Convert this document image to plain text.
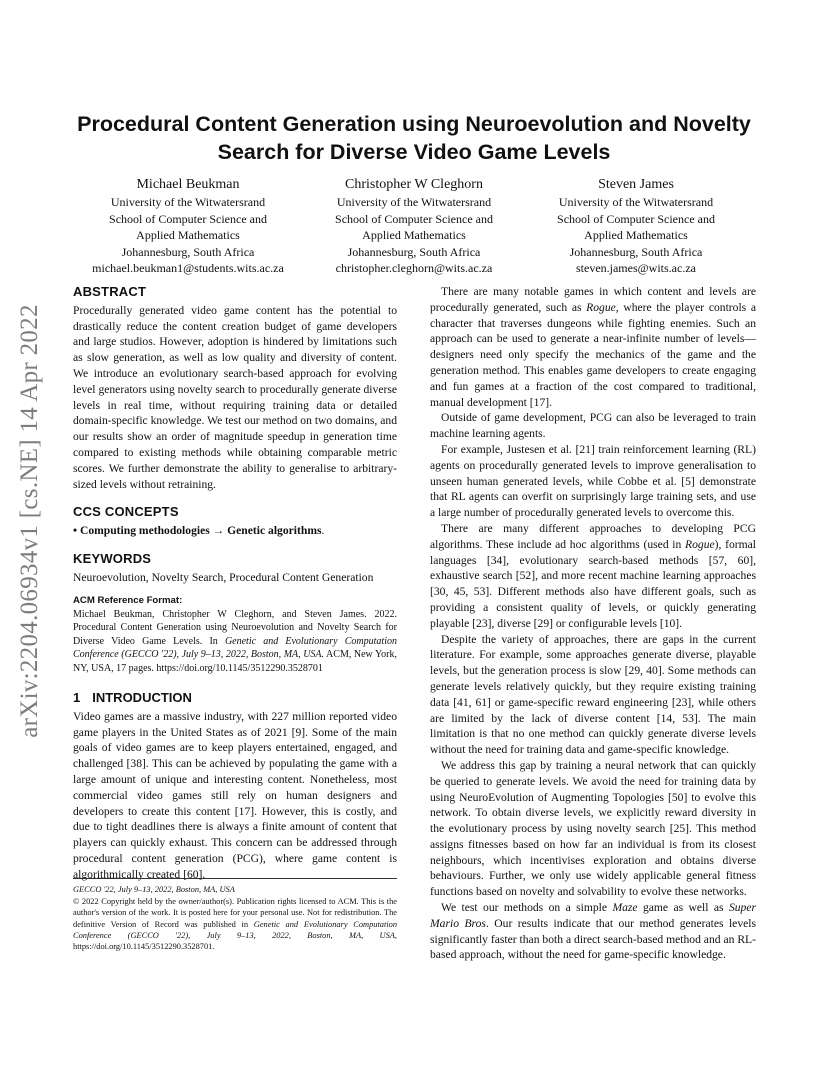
arXiv:2204.06934v1 [cs.NE] 14 Apr 2022
Procedural Content Generation using Neuroevolution and Novelty Search for Diverse Video Game Levels
Michael Beukman
University of the Witwatersrand
School of Computer Science and
Applied Mathematics
Johannesburg, South Africa
michael.beukman1@students.wits.ac.za
Christopher W Cleghorn
University of the Witwatersrand
School of Computer Science and
Applied Mathematics
Johannesburg, South Africa
christopher.cleghorn@wits.ac.za
Steven James
University of the Witwatersrand
School of Computer Science and
Applied Mathematics
Johannesburg, South Africa
steven.james@wits.ac.za
ABSTRACT

Procedurally generated video game content has the potential to drastically reduce the content creation budget of game developers and large studios. However, adoption is hindered by limitations such as slow generation, as well as low quality and diversity of content. We introduce an evolutionary search-based approach for evolving level generators using novelty search to procedurally generate diverse levels in real time, without requiring training data or detailed domain-specific knowledge. We test our method on two domains, and our results show an order of magnitude speedup in generation time compared to existing methods while obtaining comparable metric scores. We further demonstrate the ability to generalise to arbitrary-sized levels without retraining.

CCS CONCEPTS

• Computing methodologies → Genetic algorithms.

KEYWORDS

Neuroevolution, Novelty Search, Procedural Content Generation

ACM Reference Format:

Michael Beukman, Christopher W Cleghorn, and Steven James. 2022. Procedural Content Generation using Neuroevolution and Novelty Search for Diverse Video Game Levels. In Genetic and Evolutionary Computation Conference (GECCO '22), July 9–13, 2022, Boston, MA, USA. ACM, New York, NY, USA, 17 pages. https://doi.org/10.1145/3512290.3528701

1 INTRODUCTION

Video games are a massive industry, with 227 million reported video game players in the United States as of 2021 [9]. Some of the main goals of video games are to keep players entertained, engaged, and challenged [38]. This can be achieved by populating the game with a large amount of unique and interesting content. Nonetheless, most commercial video games still rely on human designers and developers to create this content [17]. However, this is costly, and due to tight deadlines there is always a finite amount of content that players can quickly exhaust. This concern can be addressed through procedural content generation (PCG), where game content is algorithmically created [60].

GECCO '22, July 9–13, 2022, Boston, MA, USA
© 2022 Copyright held by the owner/author(s). Publication rights licensed to ACM. This is the author's version of the work. It is posted here for your personal use. Not for redistribution. The definitive Version of Record was published in Genetic and Evolutionary Computation Conference (GECCO '22), July 9–13, 2022, Boston, MA, USA, https://doi.org/10.1145/3512290.3528701.

There are many notable games in which content and levels are procedurally generated, such as Rogue, where the player controls a character that traverses dungeons while fighting enemies. Such an approach can be used to generate a near-infinite number of levels—designers need only specify the mechanics of the game and the generation method. This enables game developers to create engaging and fun games at a fraction of the cost compared to traditional, manual development [17].

Outside of game development, PCG can also be leveraged to train machine learning agents.

For example, Justesen et al. [21] train reinforcement learning (RL) agents on procedurally generated levels to improve generalisation to unseen human generated levels, while Cobbe et al. [5] demonstrate that RL agents can overfit on surprisingly large training sets, and use a large number of procedurally generated levels to overcome this.

There are many different approaches to developing PCG algorithms. These include ad hoc algorithms (used in Rogue), formal languages [34], evolutionary search-based methods [57, 60], exhaustive search [52], and more recent machine learning approaches [30, 45, 53]. Different methods also have different goals, such as providing a consistent quality of levels, or quickly generating playable [23], diverse [29] or configurable levels [10].

Despite the variety of approaches, there are gaps in the current literature. For example, some approaches generate diverse, playable levels, but the generation process is slow [29, 40]. Some methods can generate levels relatively quickly, but they require existing training data [41, 61] or game-specific reward engineering [23], while others are limited by the lack of diverse content [14, 53]. The main limitation is that no one method can quickly generate diverse levels without the need for training data and game-specific knowledge.

We address this gap by training a neural network that can quickly be queried to generate levels. We avoid the need for training data by using NeuroEvolution of Augmenting Topologies [50] to evolve this network. To obtain diverse levels, we explicitly reward diversity in the evolutionary process by using novelty search [25]. This method assigns fitnesses based on how far an individual is from its closest neighbours, which incentivises exploration and obtains diverse behaviours. Further, we only use widely applicable general fitness functions based on novelty and solvability to evolve these networks.

We test our methods on a simple Maze game as well as Super Mario Bros. Our results indicate that our method generates levels significantly faster than both a direct search-based method and an RL-based approach, without the need for game-specific knowledge.
